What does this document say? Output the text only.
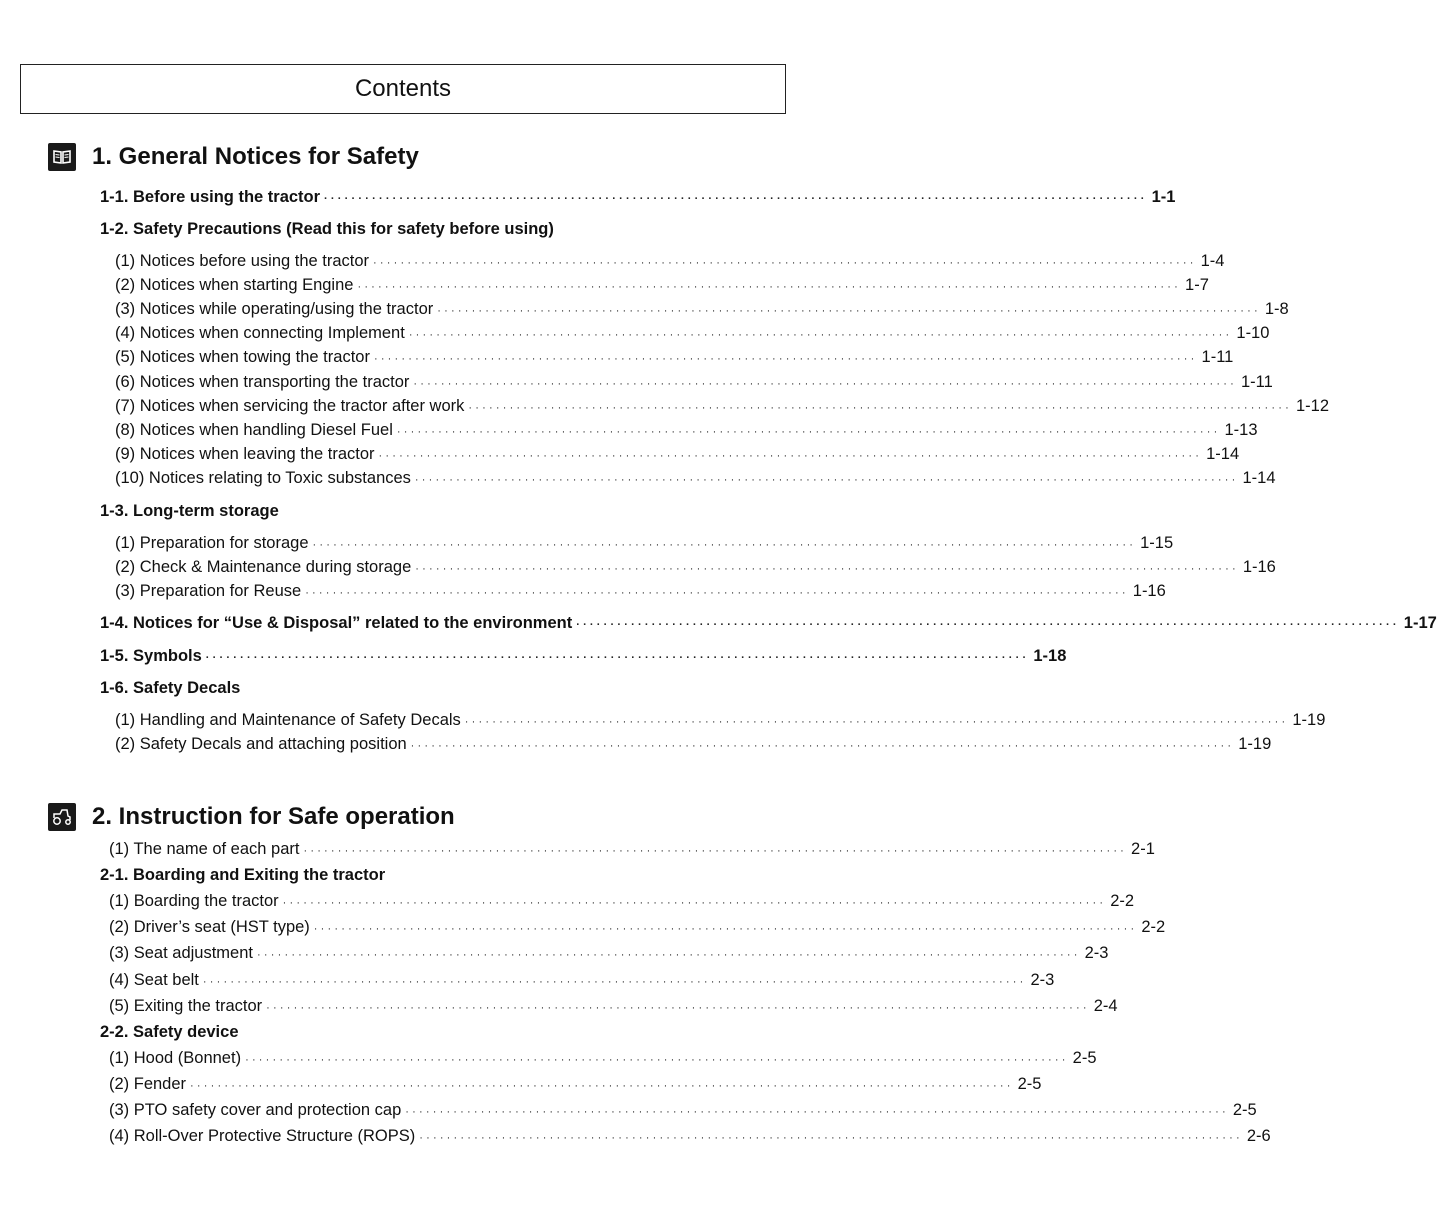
Contents
1. General Notices for Safety
2. Instruction for Safe operation
1-1. Before using the tractor ························································································································ 1-1
1-2. Safety Precautions (Read this for safety before using)
(1) Notices before using the tractor ························································································································ 1-4
(2) Notices when starting Engine ························································································································ 1-7
(3) Notices while operating/using the tractor ························································································································ 1-8
(4) Notices when connecting Implement ························································································································ 1-10
(5) Notices when towing the tractor ························································································································ 1-11
(6) Notices when transporting the tractor ························································································································ 1-11
(7) Notices when servicing the tractor after work ························································································································ 1-12
(8) Notices when handling Diesel Fuel ························································································································ 1-13
(9) Notices when leaving the tractor ························································································································ 1-14
(10) Notices relating to Toxic substances ························································································································ 1-14
1-3. Long-term storage
(1) Preparation for storage ························································································································ 1-15
(2) Check & Maintenance during storage ························································································································ 1-16
(3) Preparation for Reuse ························································································································ 1-16
1-4. Notices for “Use & Disposal” related to the environment ························································································································ 1-17
1-5. Symbols ························································································································ 1-18
1-6. Safety Decals
(1) Handling and Maintenance of Safety Decals ························································································································ 1-19
(2) Safety Decals and attaching position ························································································································ 1-19
(1) The name of each part ························································································································ 2-1
2-1. Boarding and Exiting the tractor
(1) Boarding the tractor ························································································································ 2-2
(2) Driver’s seat (HST type) ························································································································ 2-2
(3) Seat adjustment ························································································································ 2-3
(4) Seat belt ························································································································ 2-3
(5) Exiting the tractor ························································································································ 2-4
2-2. Safety device
(1) Hood (Bonnet) ························································································································ 2-5
(2) Fender ························································································································ 2-5
(3) PTO safety cover and protection cap ························································································································ 2-5
(4) Roll-Over Protective Structure (ROPS) ························································································································ 2-6
